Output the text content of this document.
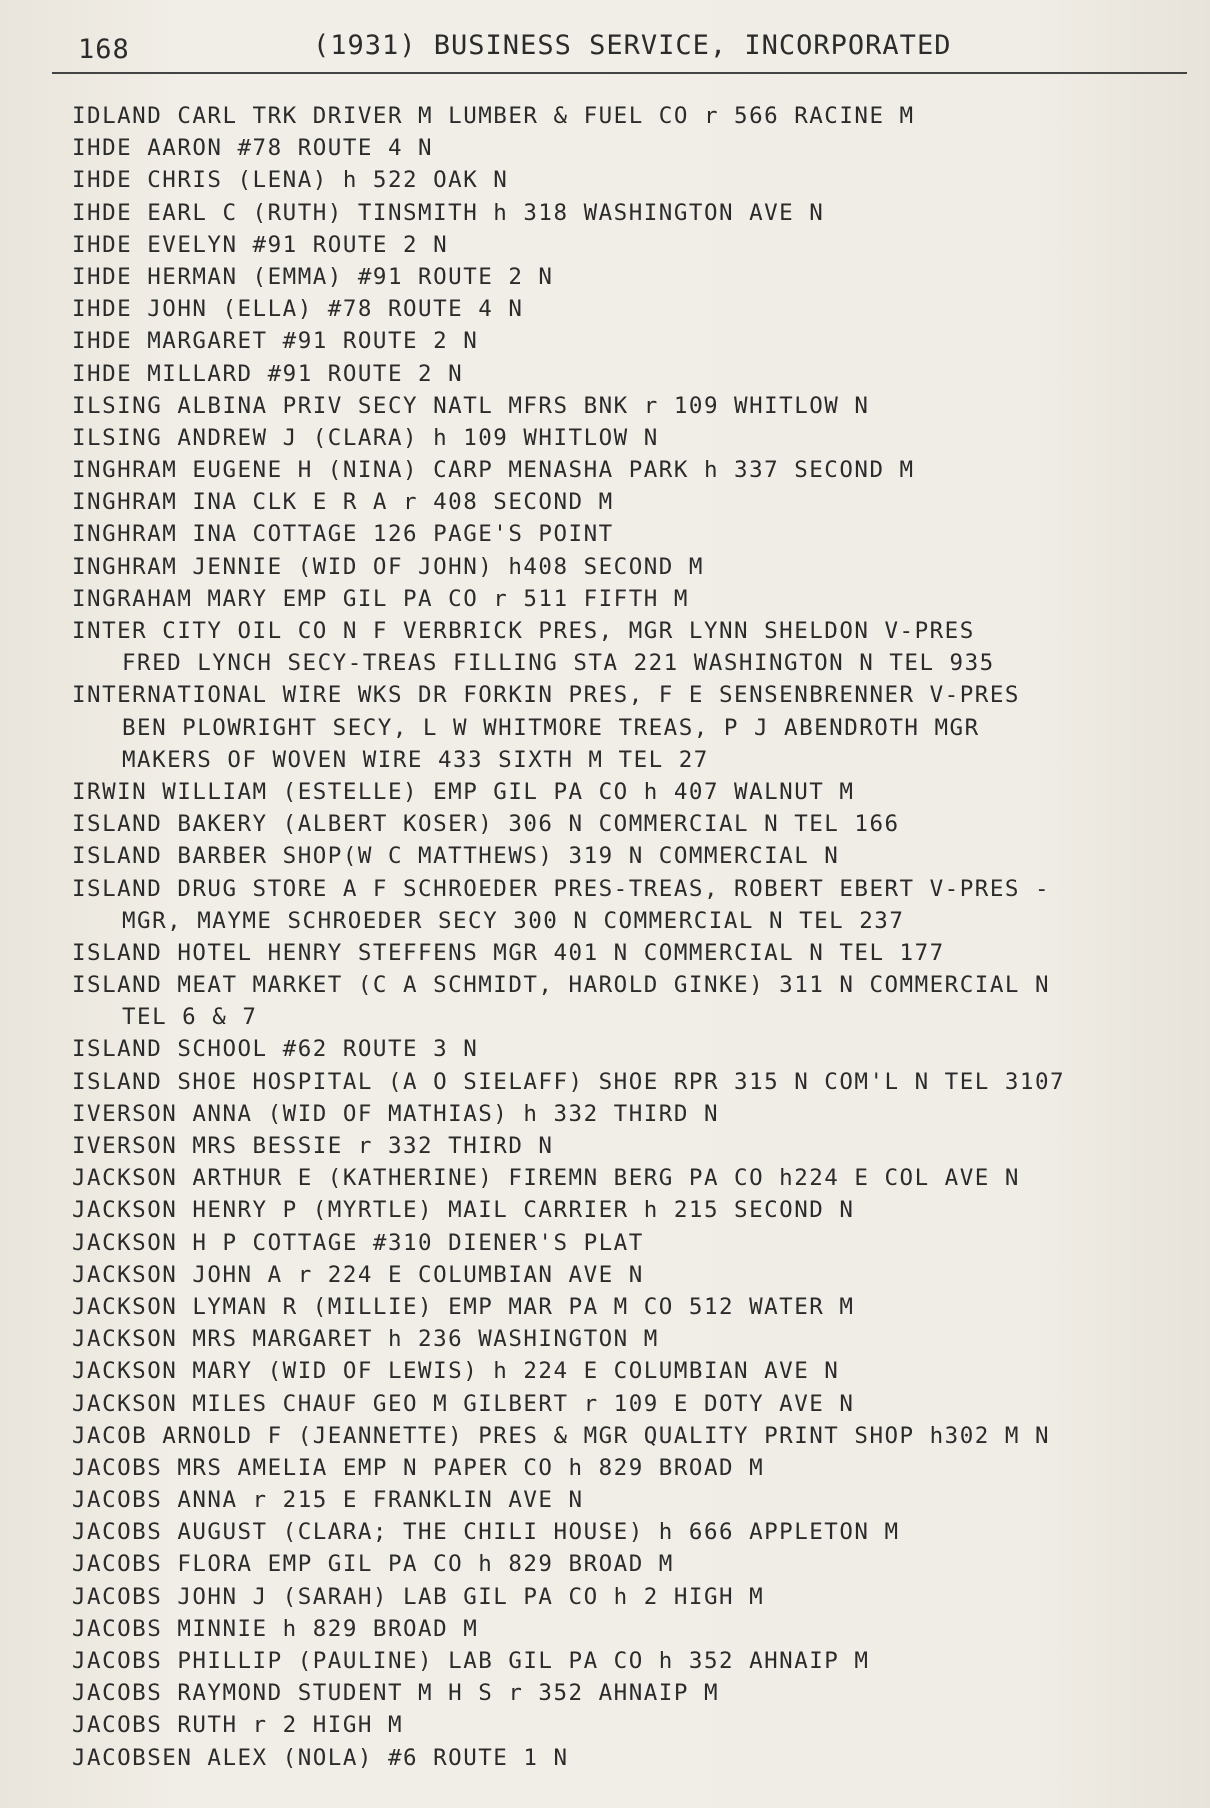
168	(1931) BUSINESS SERVICE, INCORPORATED
IDLAND CARL TRK DRIVER M LUMBER & FUEL CO r 566 RACINE M
IHDE AARON #78 ROUTE 4 N
IHDE CHRIS (LENA) h 522 OAK N
IHDE EARL C (RUTH) TINSMITH h 318 WASHINGTON AVE N
IHDE EVELYN #91 ROUTE 2 N
IHDE HERMAN (EMMA) #91 ROUTE 2 N
IHDE JOHN (ELLA) #78 ROUTE 4 N
IHDE MARGARET #91 ROUTE 2 N
IHDE MILLARD #91 ROUTE 2 N
ILSING ALBINA PRIV SECY NATL MFRS BNK r 109 WHITLOW N
ILSING ANDREW J (CLARA) h 109 WHITLOW N
INGHRAM EUGENE H (NINA) CARP MENASHA PARK h 337 SECOND M
INGHRAM INA CLK E R A r 408 SECOND M
INGHRAM INA COTTAGE 126 PAGE'S POINT
INGHRAM JENNIE (WID OF JOHN) h408 SECOND M
INGRAHAM MARY EMP GIL PA CO r 511 FIFTH M
INTER CITY OIL CO N F VERBRICK PRES, MGR LYNN SHELDON V-PRES
FRED LYNCH SECY-TREAS FILLING STA 221 WASHINGTON N TEL 935
INTERNATIONAL WIRE WKS DR FORKIN PRES, F E SENSENBRENNER V-PRES
BEN PLOWRIGHT SECY, L W WHITMORE TREAS, P J ABENDROTH MGR
MAKERS OF WOVEN WIRE 433 SIXTH M TEL 27
IRWIN WILLIAM (ESTELLE) EMP GIL PA CO h 407 WALNUT M
ISLAND BAKERY (ALBERT KOSER) 306 N COMMERCIAL N TEL 166
ISLAND BARBER SHOP(W C MATTHEWS) 319 N COMMERCIAL N
ISLAND DRUG STORE A F SCHROEDER PRES-TREAS, ROBERT EBERT V-PRES -
MGR, MAYME SCHROEDER SECY 300 N COMMERCIAL N TEL 237
ISLAND HOTEL HENRY STEFFENS MGR 401 N COMMERCIAL N TEL 177
ISLAND MEAT MARKET (C A SCHMIDT, HAROLD GINKE) 311 N COMMERCIAL N
TEL 6 & 7
ISLAND SCHOOL #62 ROUTE 3 N
ISLAND SHOE HOSPITAL (A O SIELAFF) SHOE RPR 315 N COM'L N TEL 3107
IVERSON ANNA (WID OF MATHIAS) h 332 THIRD N
IVERSON MRS BESSIE r 332 THIRD N
JACKSON ARTHUR E (KATHERINE) FIREMN BERG PA CO h224 E COL AVE N
JACKSON HENRY P (MYRTLE) MAIL CARRIER h 215 SECOND N
JACKSON H P COTTAGE #310 DIENER'S PLAT
JACKSON JOHN A r 224 E COLUMBIAN AVE N
JACKSON LYMAN R (MILLIE) EMP MAR PA M CO 512 WATER M
JACKSON MRS MARGARET h 236 WASHINGTON M
JACKSON MARY (WID OF LEWIS) h 224 E COLUMBIAN AVE N
JACKSON MILES CHAUF GEO M GILBERT r 109 E DOTY AVE N
JACOB ARNOLD F (JEANNETTE) PRES & MGR QUALITY PRINT SHOP h302 M N
JACOBS MRS AMELIA EMP N PAPER CO h 829 BROAD M
JACOBS ANNA r 215 E FRANKLIN AVE N
JACOBS AUGUST (CLARA; THE CHILI HOUSE) h 666 APPLETON M
JACOBS FLORA EMP GIL PA CO h 829 BROAD M
JACOBS JOHN J (SARAH) LAB GIL PA CO h 2 HIGH M
JACOBS MINNIE h 829 BROAD M
JACOBS PHILLIP (PAULINE) LAB GIL PA CO h 352 AHNAIP M
JACOBS RAYMOND STUDENT M H S r 352 AHNAIP M
JACOBS RUTH r 2 HIGH M
JACOBSEN ALEX (NOLA) #6 ROUTE 1 N
